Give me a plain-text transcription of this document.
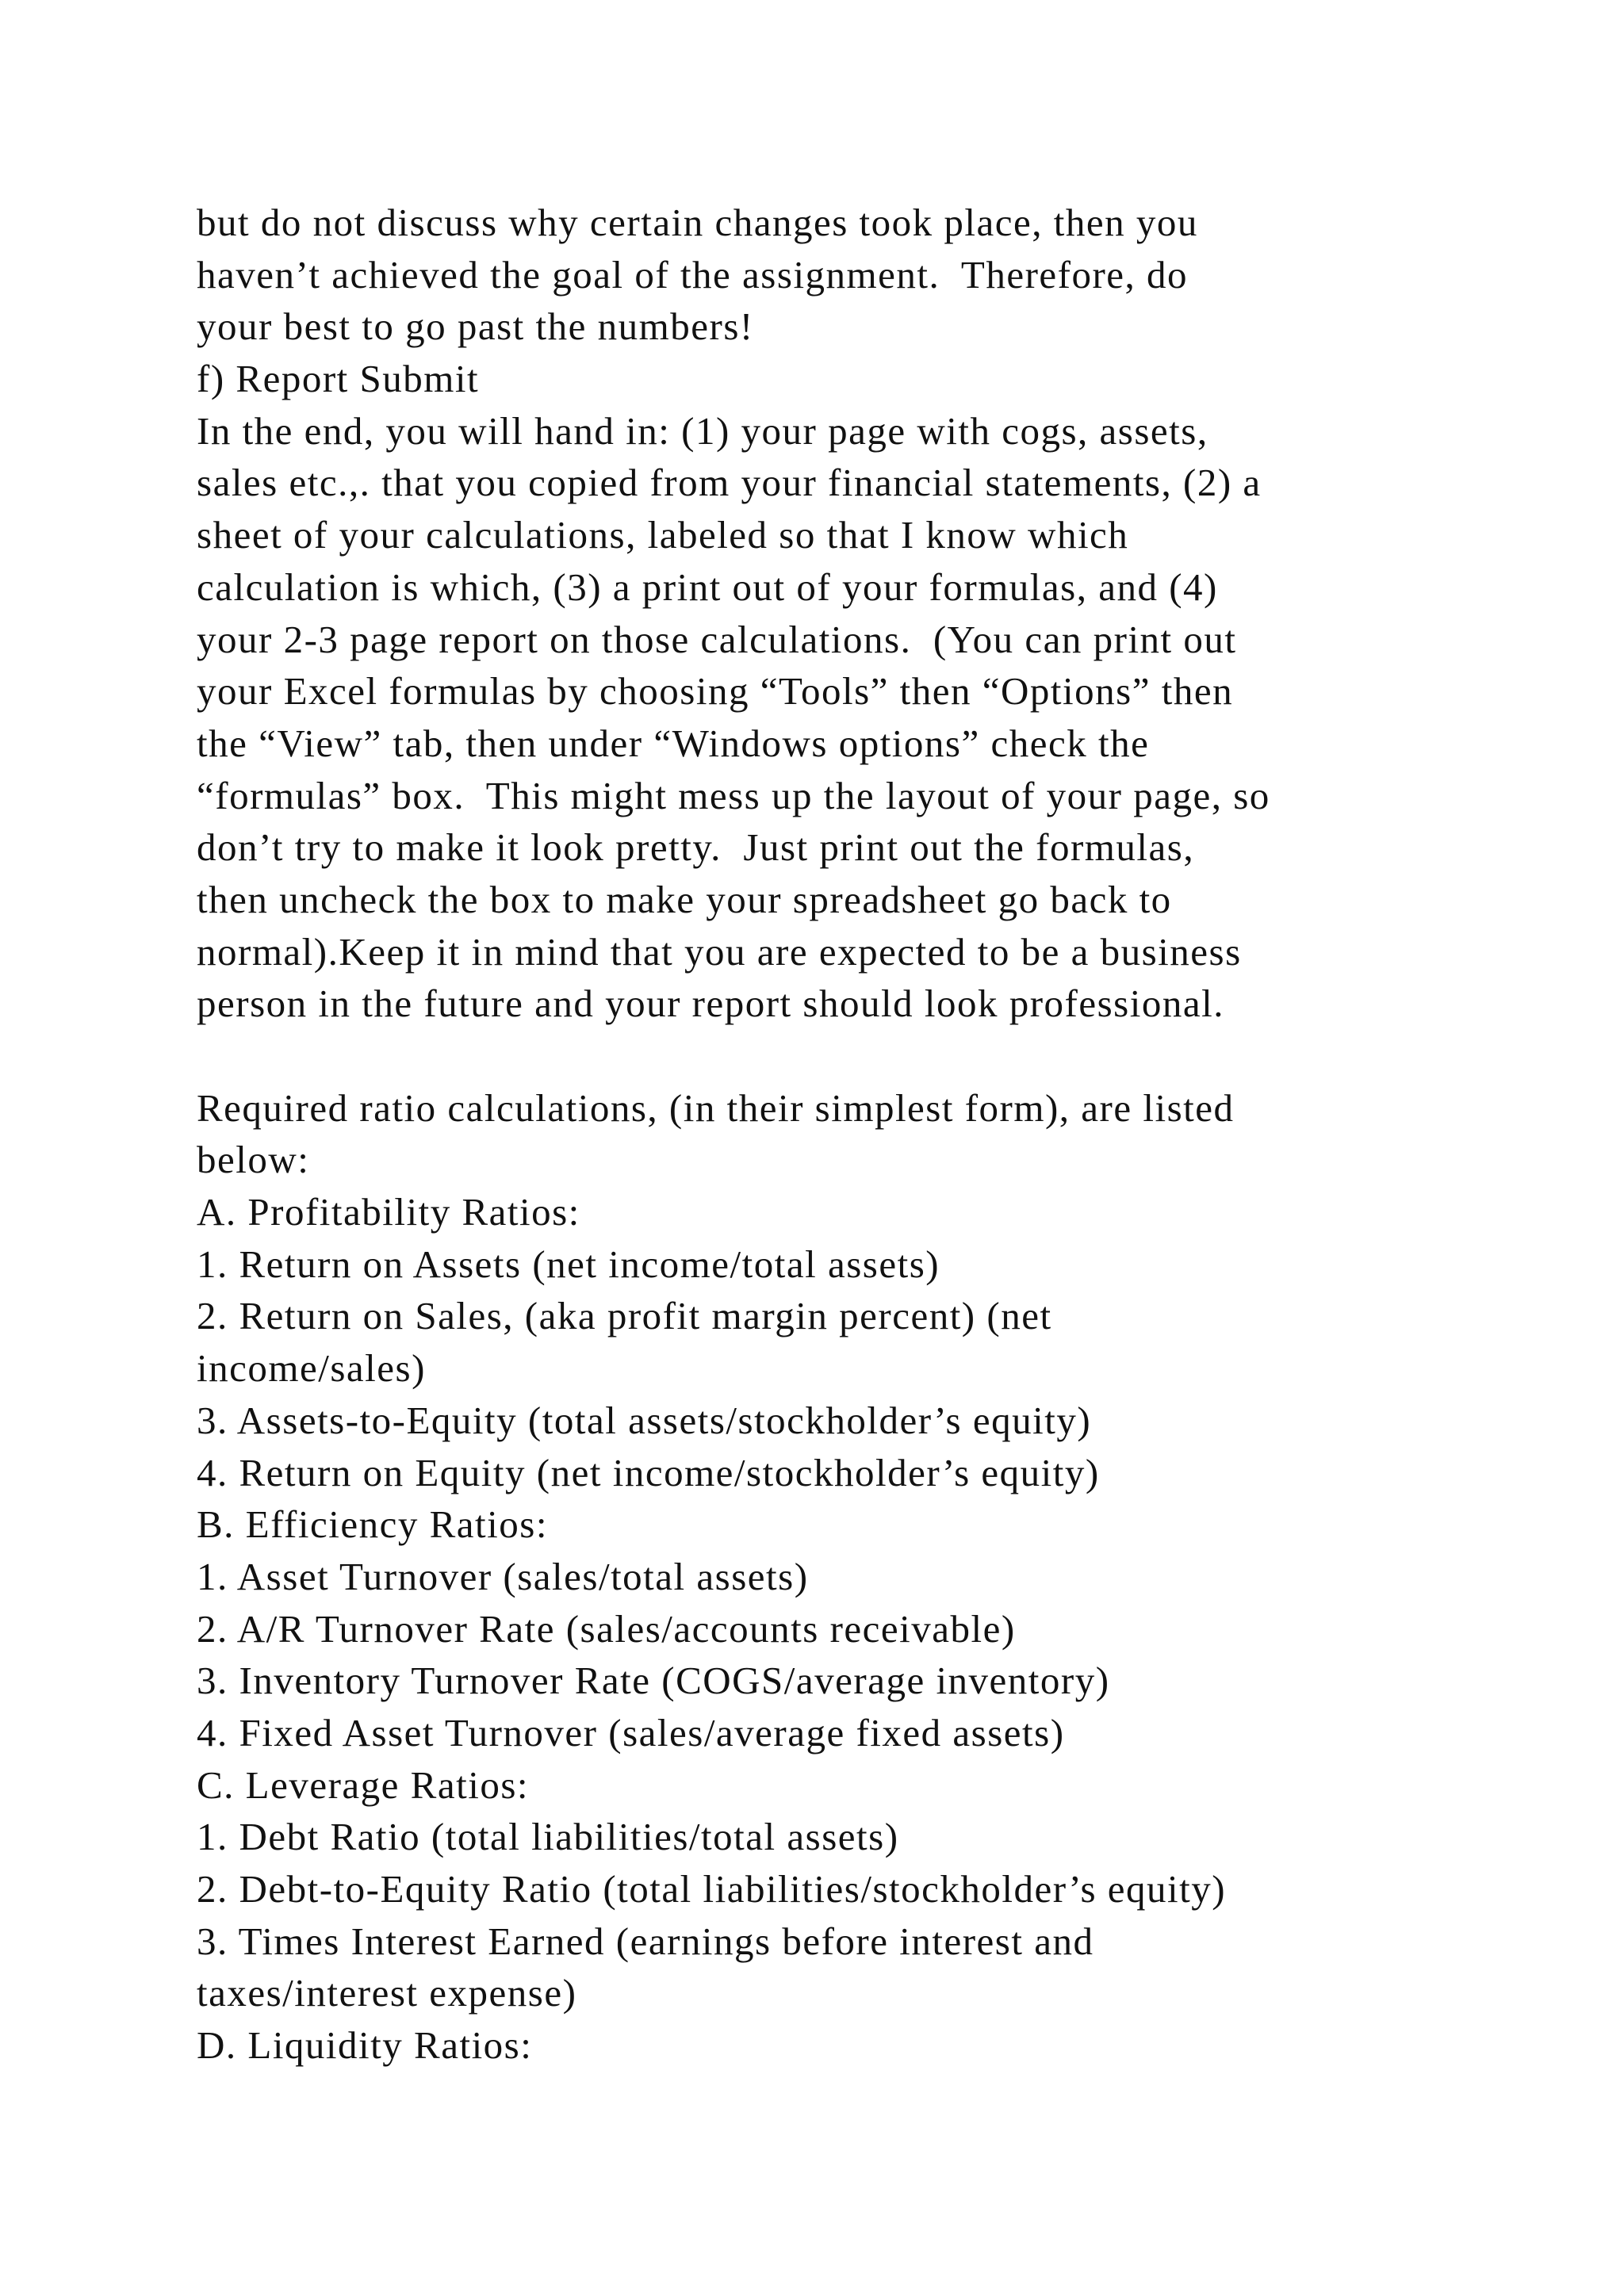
but do not discuss why certain changes took place, then you
haven’t achieved the goal of the assignment.  Therefore, do
your best to go past the numbers!
f) Report Submit
In the end, you will hand in: (1) your page with cogs, assets,
sales etc.,. that you copied from your financial statements, (2) a
sheet of your calculations, labeled so that I know which
calculation is which, (3) a print out of your formulas, and (4)
your 2-3 page report on those calculations.  (You can print out
your Excel formulas by choosing “Tools” then “Options” then
the “View” tab, then under “Windows options” check the
“formulas” box.  This might mess up the layout of your page, so
don’t try to make it look pretty.  Just print out the formulas,
then uncheck the box to make your spreadsheet go back to
normal).Keep it in mind that you are expected to be a business
person in the future and your report should look professional.
Required ratio calculations, (in their simplest form), are listed
below:
A. Profitability Ratios:
1. Return on Assets (net income/total assets)
2. Return on Sales, (aka profit margin percent) (net
income/sales)
3. Assets-to-Equity (total assets/stockholder’s equity)
4. Return on Equity (net income/stockholder’s equity)
B. Efficiency Ratios:
1. Asset Turnover (sales/total assets)
2. A/R Turnover Rate (sales/accounts receivable)
3. Inventory Turnover Rate (COGS/average inventory)
4. Fixed Asset Turnover (sales/average fixed assets)
C. Leverage Ratios:
1. Debt Ratio (total liabilities/total assets)
2. Debt-to-Equity Ratio (total liabilities/stockholder’s equity)
3. Times Interest Earned (earnings before interest and
taxes/interest expense)
D. Liquidity Ratios:
